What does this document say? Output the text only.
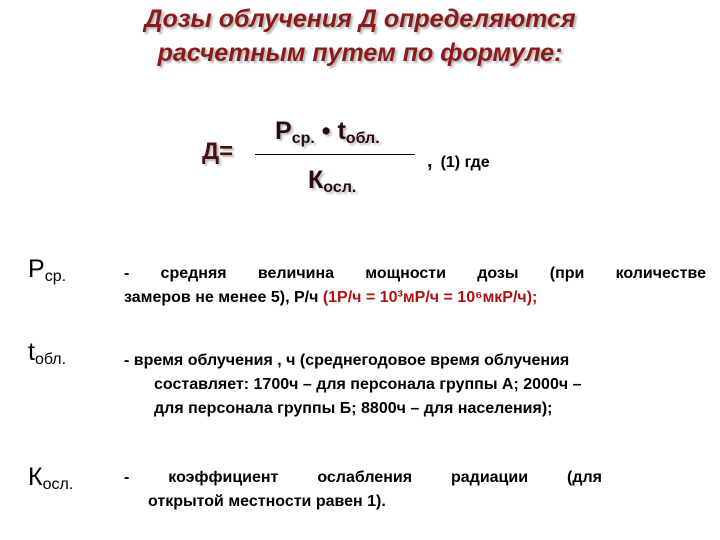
Дозы облучения Д определяются
расчетным путем по формуле:
Д=
$Р_{ср.}$ • $t_{обл.}$
$К_{осл.}$
, (1) где
$Р_{ср.}$	- средняя величина мощности дозы (при количестве
замеров не менее 5), Р/ч (1Р/ч = 10³мР/ч = 10⁶мкР/ч);
$t_{обл.}$	- время облучения , ч (среднегодовое время облучения
составляет: 1700ч – для персонала группы А; 2000ч –
для персонала группы Б; 8800ч – для населения);
$К_{осл.}$	- коэффициент ослабления радиации (для
открытой местности равен 1).
